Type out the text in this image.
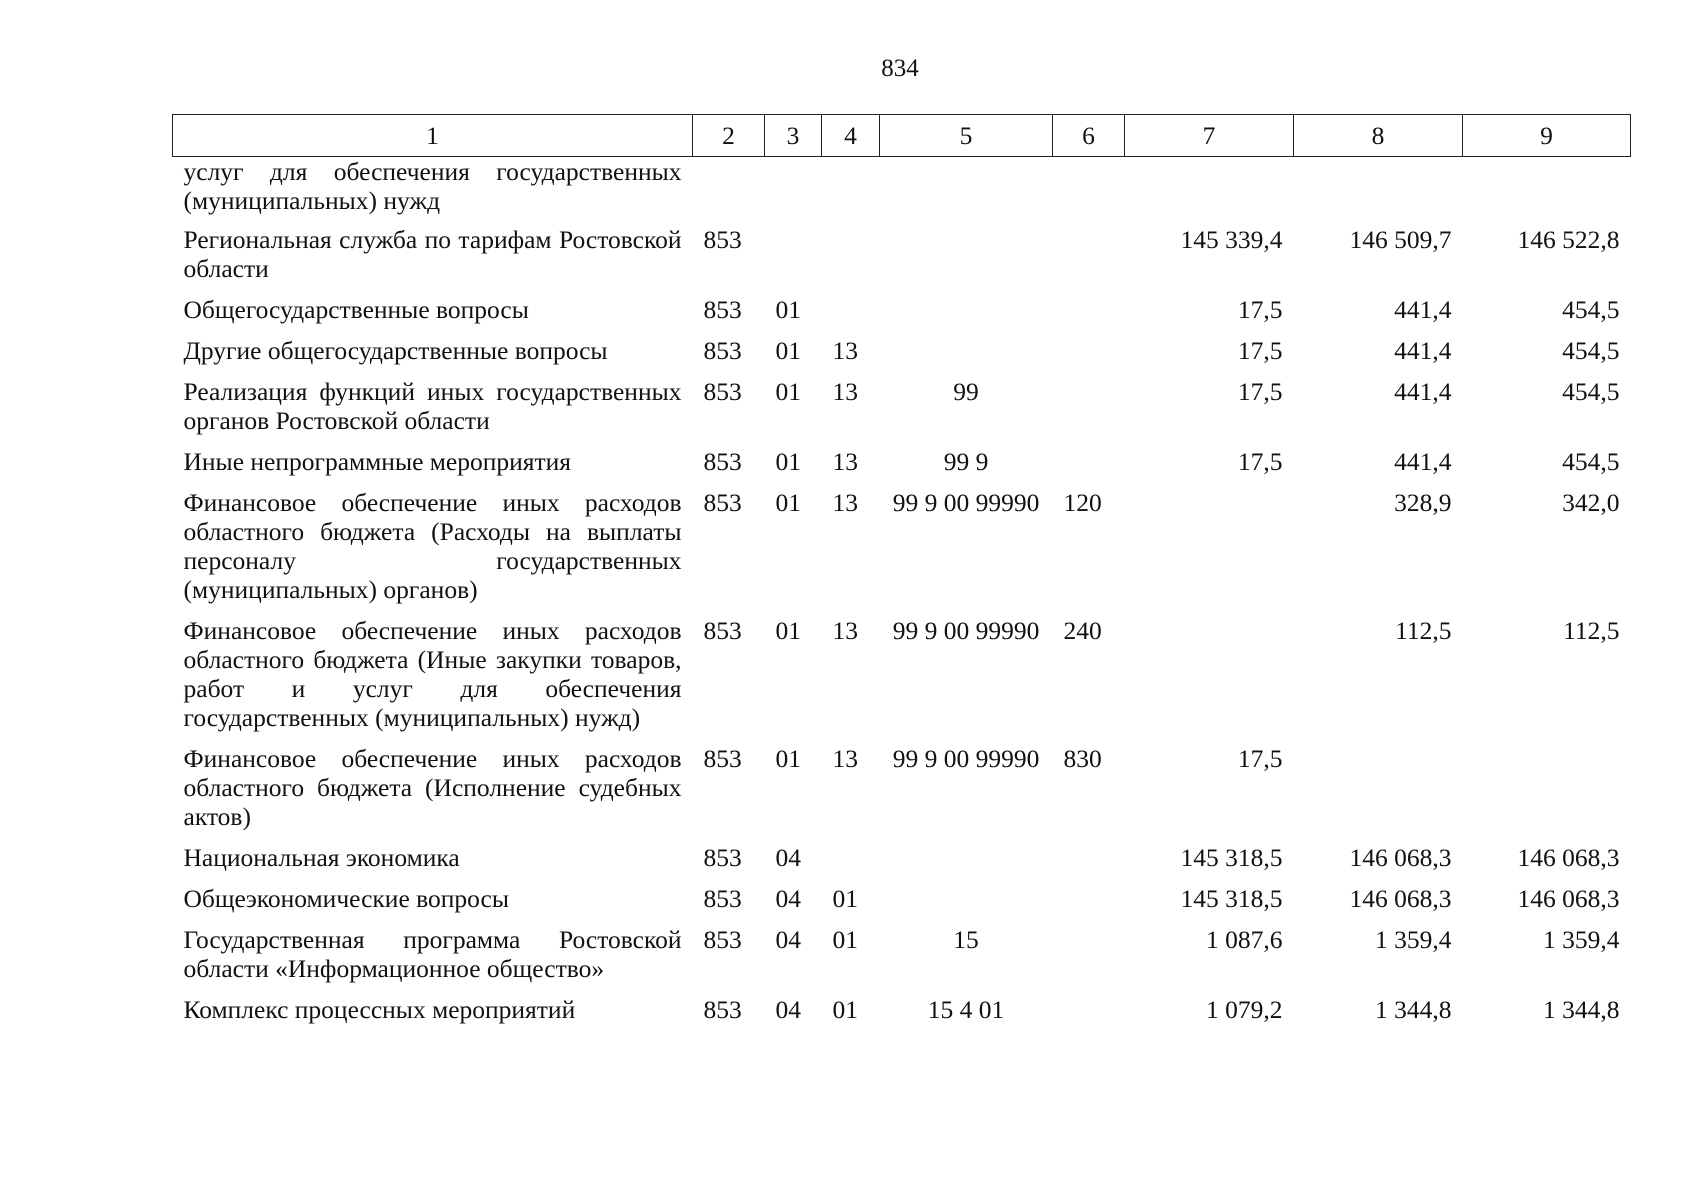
834
1	2	3	4	5	6	7	8	9
услуг для обеспечения государственных (муниципальных) нужд								
Региональная служба по тарифам Ростовской области	853					145 339,4	146 509,7	146 522,8
Общегосударственные вопросы	853	01				17,5	441,4	454,5
Другие общегосударственные вопросы	853	01	13			17,5	441,4	454,5
Реализация функций иных государственных органов Ростовской области	853	01	13	99		17,5	441,4	454,5
Иные непрограммные мероприятия	853	01	13	99 9		17,5	441,4	454,5
Финансовое обеспечение иных расходов областного бюджета (Расходы на выплаты персоналу государственных (муниципальных) органов)	853	01	13	99 9 00 99990	120		328,9	342,0
Финансовое обеспечение иных расходов областного бюджета (Иные закупки товаров, работ и услуг для обеспечения государственных (муниципальных) нужд)	853	01	13	99 9 00 99990	240		112,5	112,5
Финансовое обеспечение иных расходов областного бюджета (Исполнение судебных актов)	853	01	13	99 9 00 99990	830	17,5		
Национальная экономика	853	04				145 318,5	146 068,3	146 068,3
Общеэкономические вопросы	853	04	01			145 318,5	146 068,3	146 068,3
Государственная программа Ростовской области «Информационное общество»	853	04	01	15		1 087,6	1 359,4	1 359,4
Комплекс процессных мероприятий	853	04	01	15 4 01		1 079,2	1 344,8	1 344,8
